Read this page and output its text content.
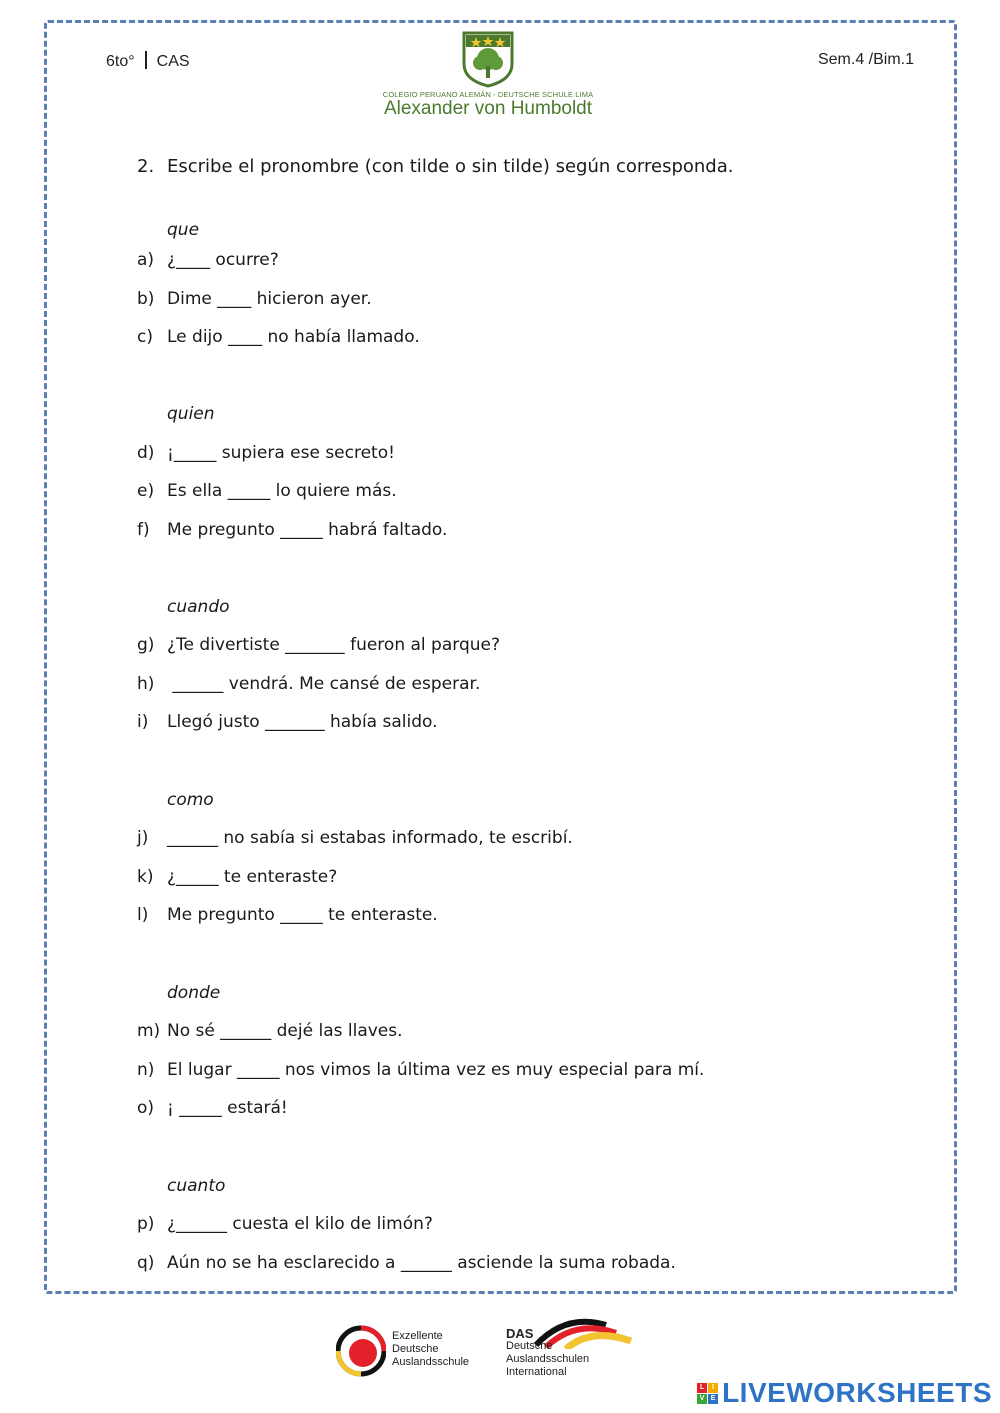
6to° CAS	Sem.4 /Bim.1
COLEGIO PERUANO ALEMÁN - DEUTSCHE SCHULE LIMA
Alexander von Humboldt
2. Escribe el pronombre (con tilde o sin tilde) según corresponda.
que
a) ¿____ ocurre?
b) Dime ____ hicieron ayer.
c) Le dijo ____ no había llamado.
quien
d) ¡_____ supiera ese secreto!
e) Es ella _____ lo quiere más.
f) Me pregunto _____ habrá faltado.
cuando
g) ¿Te divertiste _______ fueron al parque?
h) ______ vendrá. Me cansé de esperar.
i) Llegó justo _______ había salido.
como
j) ______ no sabía si estabas informado, te escribí.
k) ¿_____ te enteraste?
l) Me pregunto _____ te enteraste.
donde
m) No sé ______ dejé las llaves.
n) El lugar _____ nos vimos la última vez es muy especial para mí.
o) ¡ _____ estará!
cuanto
p) ¿______ cuesta el kilo de limón?
q) Aún no se ha esclarecido a ______ asciende la suma robada.
Exzellente
Deutsche
Auslandsschule
DAS
Deutsche Auslandsschulen
International
L	I
V E LIVEWORKSHEETS
